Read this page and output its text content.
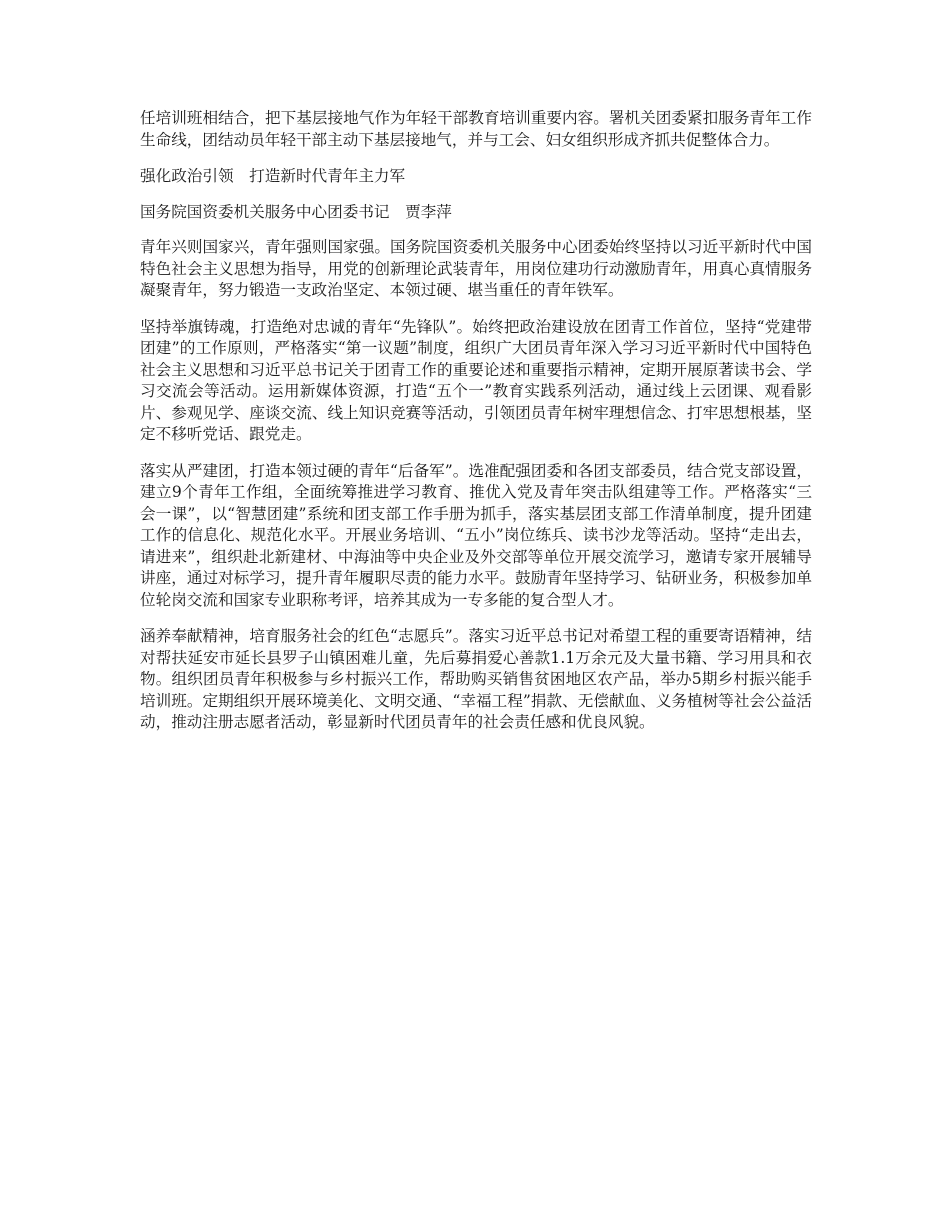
任培训班相结合，把下基层接地气作为年轻干部教育培训重要内容。署机关团委紧扣服务青年工作生命线，团结动员年轻干部主动下基层接地气，并与工会、妇女组织形成齐抓共促整体合力。

强化政治引领　打造新时代青年主力军

国务院国资委机关服务中心团委书记　贾李萍

青年兴则国家兴，青年强则国家强。国务院国资委机关服务中心团委始终坚持以习近平新时代中国特色社会主义思想为指导，用党的创新理论武装青年，用岗位建功行动激励青年，用真心真情服务凝聚青年，努力锻造一支政治坚定、本领过硬、堪当重任的青年铁军。

坚持举旗铸魂，打造绝对忠诚的青年“先锋队”。始终把政治建设放在团青工作首位，坚持“党建带团建”的工作原则，严格落实“第一议题”制度，组织广大团员青年深入学习习近平新时代中国特色社会主义思想和习近平总书记关于团青工作的重要论述和重要指示精神，定期开展原著读书会、学习交流会等活动。运用新媒体资源，打造“五个一”教育实践系列活动，通过线上云团课、观看影片、参观见学、座谈交流、线上知识竞赛等活动，引领团员青年树牢理想信念、打牢思想根基，坚定不移听党话、跟党走。

落实从严建团，打造本领过硬的青年“后备军”。选准配强团委和各团支部委员，结合党支部设置，建立9个青年工作组，全面统筹推进学习教育、推优入党及青年突击队组建等工作。严格落实“三会一课”，以“智慧团建”系统和团支部工作手册为抓手，落实基层团支部工作清单制度，提升团建工作的信息化、规范化水平。开展业务培训、“五小”岗位练兵、读书沙龙等活动。坚持“走出去，请进来”，组织赴北新建材、中海油等中央企业及外交部等单位开展交流学习，邀请专家开展辅导讲座，通过对标学习，提升青年履职尽责的能力水平。鼓励青年坚持学习、钻研业务，积极参加单位轮岗交流和国家专业职称考评，培养其成为一专多能的复合型人才。

涵养奉献精神，培育服务社会的红色“志愿兵”。落实习近平总书记对希望工程的重要寄语精神，结对帮扶延安市延长县罗子山镇困难儿童，先后募捐爱心善款1.1万余元及大量书籍、学习用具和衣物。组织团员青年积极参与乡村振兴工作，帮助购买销售贫困地区农产品，举办5期乡村振兴能手培训班。定期组织开展环境美化、文明交通、“幸福工程”捐款、无偿献血、义务植树等社会公益活动，推动注册志愿者活动，彰显新时代团员青年的社会责任感和优良风貌。
